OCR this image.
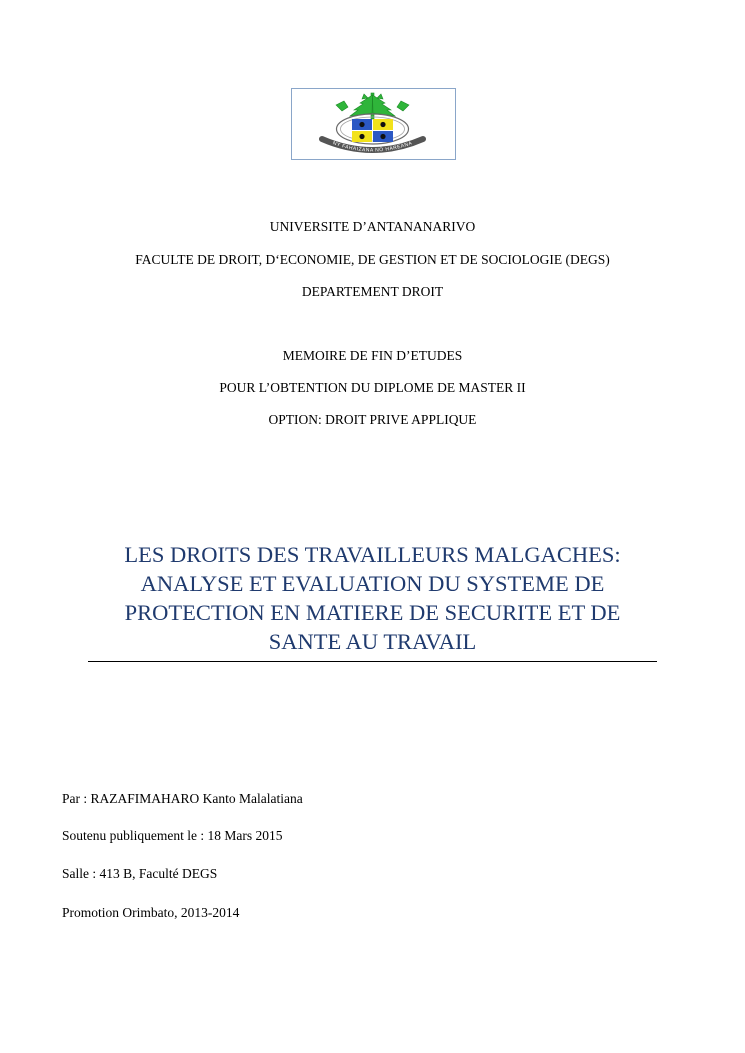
NY FAHAIZANA NO HAREANA
UNIVERSITE D’ANTANANARIVO
FACULTE DE DROIT, D‘ECONOMIE, DE GESTION ET DE SOCIOLOGIE (DEGS)
DEPARTEMENT DROIT
MEMOIRE DE FIN D’ETUDES
POUR L’OBTENTION DU DIPLOME DE MASTER II
OPTION: DROIT PRIVE APPLIQUE
LES DROITS DES TRAVAILLEURS MALGACHES:
ANALYSE ET EVALUATION DU SYSTEME DE
PROTECTION EN MATIERE DE SECURITE ET DE
SANTE AU TRAVAIL
Par : RAZAFIMAHARO Kanto Malalatiana
Soutenu publiquement le : 18 Mars 2015
Salle : 413 B, Faculté DEGS
Promotion Orimbato, 2013-2014
